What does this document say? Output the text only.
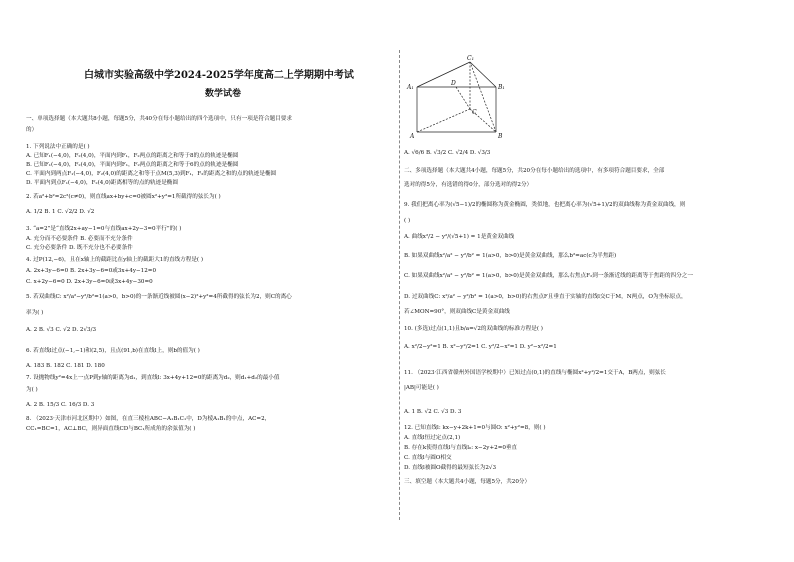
白城市实验高级中学2024-2025学年度高二上学期期中考试
数学试卷
一、单项选择题（本大题共8小题，每题5分，共40分在每小题给出的四个选项中，只有一项是符合题目要求
的）
1. 下列说法中正确的是( )
A. 已知F₁(−4,0)，F₂(4,0)，平面内到F₁，F₂两点的距离之和等于8的点的轨迹是椭圆
B. 已知F₁(−4,0)，F₂(4,0)，平面内到F₁，F₂两点的距离之和等于6的点的轨迹是椭圆
C. 平面内到两点F₁(−4,0)，F₂(4,0)的距离之和等于点M(5,3)到F₁，F₂的距离之和的点的轨迹是椭圆
D. 平面内到点F₁(−4,0)，F₂(4,0)距离相等的点的轨迹是椭圆
2. 若a²+b²=2c²(c≠0)，则直线ax+by+c=0被圆x²+y²=1所截得的弦长为( )
A. 1/2 B. 1 C. √2/2 D. √2
3. “a=2”是“直线2x+ay−1=0与直线ax+2y−3=0平行”的( )
A. 充分而不必要条件 B. 必要而不充分条件
C. 充分必要条件 D. 既不充分也不必要条件
4. 过P(12,−6)，且在x轴上的截距比在y轴上的截距大1的直线方程是( )
A. 2x+3y−6=0 B. 2x+3y−6=0或3x+4y−12=0
C. x+2y−6=0 D. 2x+3y−6=0或3x+4y−30=0
5. 若双曲线C: x²/a²−y²/b²=1(a>0，b>0)的一条渐近线被圆(x−2)²+y²=4所截得的弦长为2，则C的离心
率为( )
A. 2 B. √3 C. √2 D. 2√3/3
6. 若直线l过点(−1,−1)和(2,5)，且点(91,b)在直线l上，则b的值为( )
A. 183 B. 182 C. 181 D. 180
7. 设抛物线y²=4x上一点P到y轴的距离为d₁，到直线l: 3x+4y+12=0的距离为d₂，则d₁+d₂的最小值
为( )
A. 2 B. 15/3 C. 16/3 D. 3
8. （2023·天津市河北区期中）如图，在直三棱柱ABC−A₁B₁C₁中，D为棱A₁B₁的中点，AC=2，
CC₁=BC=1，AC⊥BC，则异面直线CD与BC₁所成角的余弦值为( )
C₁
A₁
D
B₁
C
A	B
A. √6/6 B. √3/2 C. √2/4 D. √3/3
二、多项选择题（本大题共4小题，每题5分，共20分在每小题给出的选项中，有多项符合题目要求，全部
选对的得5分，有选错的得0分，部分选对的得2分）
9. 我们把离心率为(√5−1)/2的椭圆称为黄金椭圆，类似地，也把离心率为(√5+1)/2的双曲线称为黄金双曲线，则
( )
A. 曲线x²/2 − y²/(√5+1) = 1是黄金双曲线
B. 如果双曲线x²/a² − y²/b² = 1(a>0，b>0)是黄金双曲线，那么b²=ac(c为半焦距)
C. 如果双曲线x²/a² − y²/b² = 1(a>0，b>0)是黄金双曲线，那么右焦点F₂到一条渐近线的距离等于焦距的四分之一
D. 过双曲线C: x²/a² − y²/b² = 1(a>0，b>0)的右焦点F且垂直于实轴的直线l交C于M，N两点，O为坐标原点，
若∠MON=90°，则双曲线C是黄金双曲线
10. (多选)过点(1,1)且b/a=√2的双曲线的标准方程是( )
A. x²/2−y²=1 B. x²−y²/2=1 C. y²/2−x²=1 D. y²−x²/2=1
11. （2023·江西省赣州外国语学校期中）已知过点(0,1)的直线与椭圆x²+y²/2=1交于A，B两点，则弦长
|AB|可能是( )
A. 1 B. √2 C. √3 D. 3
12. 已知直线l: kx−y+2k+1=0与圆O: x²+y²=8，则( )
A. 直线l恒过定点(2,1)
B. 存在k使得直线l与直线l₀: x−2y+2=0垂直
C. 直线l与圆O相交
D. 直线l被圆O截得的最短弦长为2√3
三、填空题（本大题共4小题，每题5分，共20分）
